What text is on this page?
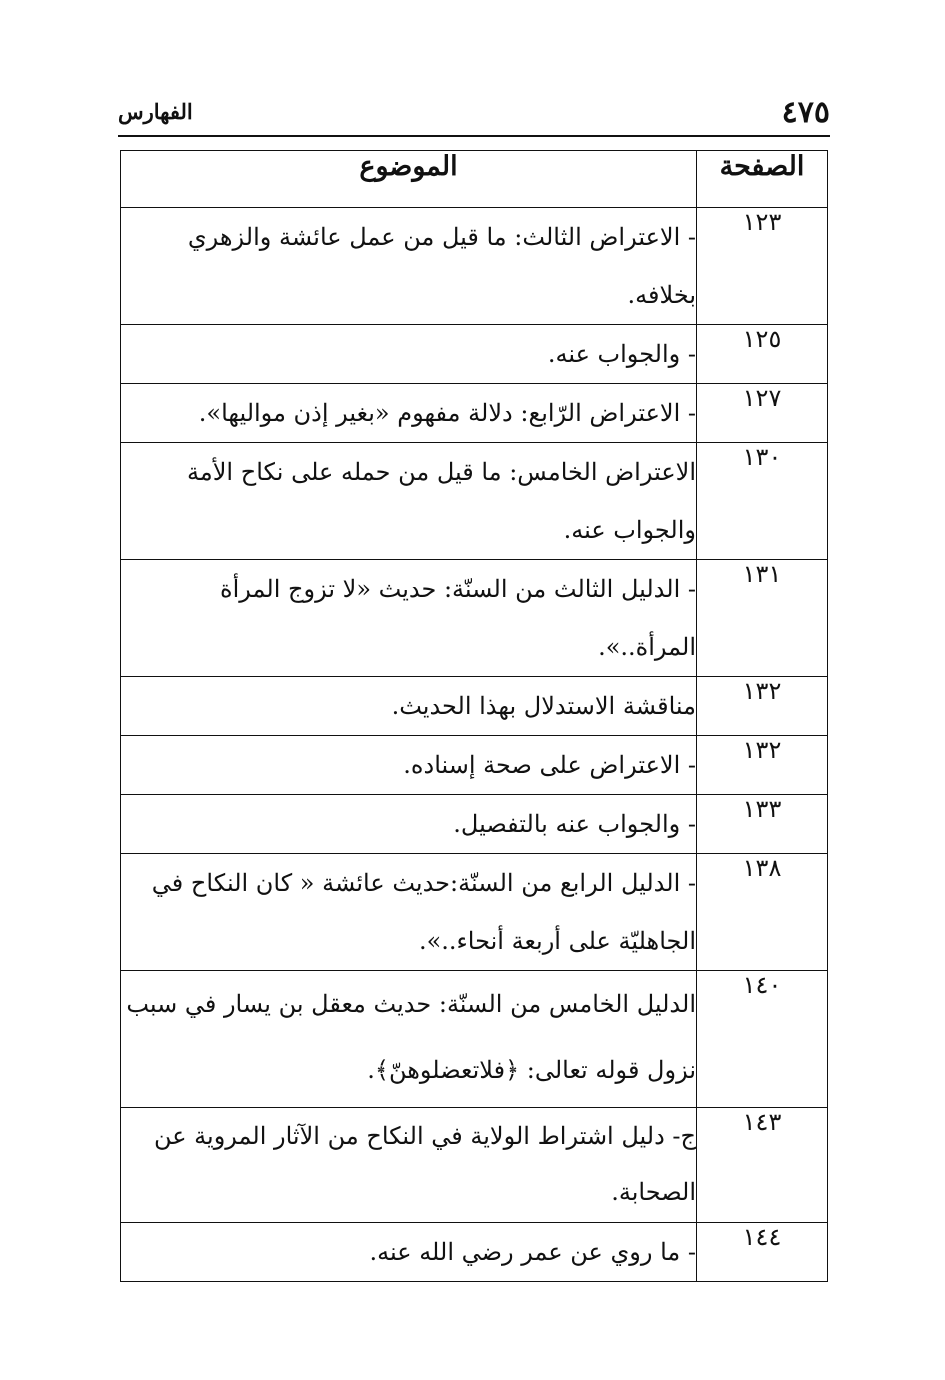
٤٧٥
الفهارس
الصفحة	الموضوع
١٢٣	- الاعتراض الثالث: ما قيل من عمل عائشة والزهري بخلافه.
١٢٥	- والجواب عنه.
١٢٧	- الاعتراض الرّابع: دلالة مفهوم «بغير إذن مواليها».
١٣٠	الاعتراض الخامس: ما قيل من حمله على نكاح الأمة والجواب عنه.
١٣١	- الدليل الثالث من السنّة: حديث «لا تزوج المرأة المرأة..».
١٣٢	مناقشة الاستدلال بهذا الحديث.
١٣٢	- الاعتراض على صحة إسناده.
١٣٣	- والجواب عنه بالتفصيل.
١٣٨	- الدليل الرابع من السنّة:حديث عائشة « كان النكاح في الجاهليّة على أربعة أنحاء..».
١٤٠	الدليل الخامس من السنّة: حديث معقل بن يسار في سبب نزول قوله تعالى: ﴿فلاتعضلوهنّ﴾.
١٤٣	ج- دليل اشتراط الولاية في النكاح من الآثار المروية عن الصحابة.
١٤٤	- ما روي عن عمر رضي الله عنه.
